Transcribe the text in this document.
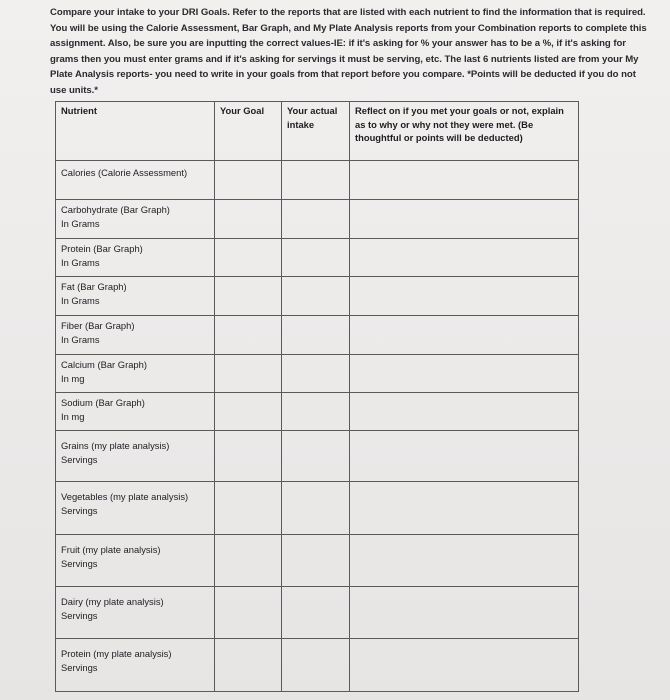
Compare your intake to your DRI Goals. Refer to the reports that are listed with each nutrient to find the information that is required. You will be using the Calorie Assessment, Bar Graph, and My Plate Analysis reports from your Combination reports to complete this assignment. Also, be sure you are inputting the correct values-IE: if it's asking for % your answer has to be a %, if it's asking for grams then you must enter grams and if it's asking for servings it must be serving, etc. The last 6 nutrients listed are from your My Plate Analysis reports- you need to write in your goals from that report before you compare. *Points will be deducted if you do not use units.*
Nutrient	Your Goal	Your actual intake	Reflect on if you met your goals or not, explain as to why or why not they were met. (Be thoughtful or points will be deducted)

Calories (Calorie Assessment)			

Carbohydrate (Bar Graph)
In Grams			

Protein (Bar Graph)
In Grams			

Fat (Bar Graph)
In Grams			

Fiber (Bar Graph)
In Grams			

Calcium (Bar Graph)
In mg			

Sodium (Bar Graph)
In mg			

Grains (my plate analysis)
Servings			

Vegetables (my plate analysis)
Servings			

Fruit (my plate analysis)
Servings			

Dairy (my plate analysis)
Servings			

Protein (my plate analysis)
Servings			
